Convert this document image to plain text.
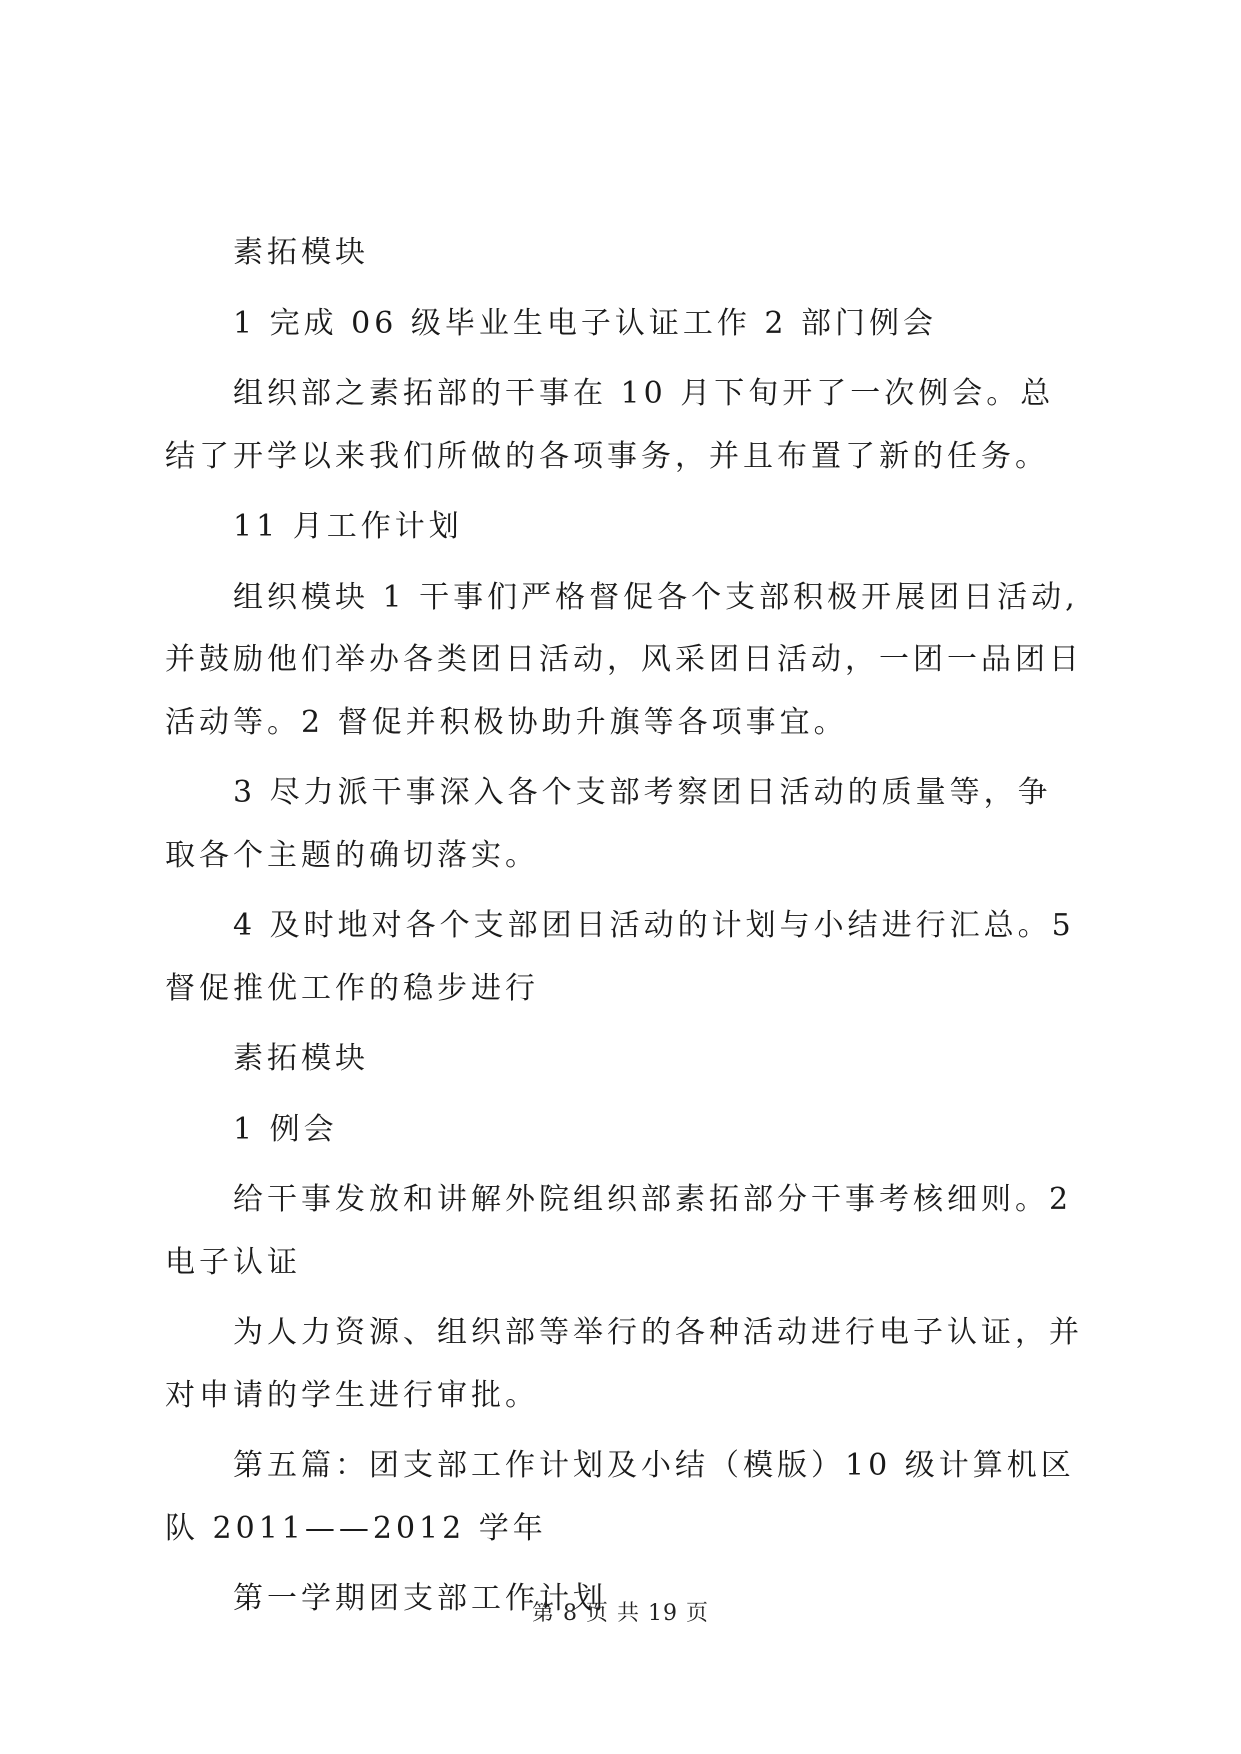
素拓模块

1 完成 06 级毕业生电子认证工作 2 部门例会

组织部之素拓部的干事在 10 月下旬开了一次例会。总结了开学以来我们所做的各项事务，并且布置了新的任务。

11 月工作计划

组织模块 1 干事们严格督促各个支部积极开展团日活动,并鼓励他们举办各类团日活动，风采团日活动，一团一品团日活动等。2 督促并积极协助升旗等各项事宜。

3 尽力派干事深入各个支部考察团日活动的质量等，争取各个主题的确切落实。

4 及时地对各个支部团日活动的计划与小结进行汇总。5 督促推优工作的稳步进行

素拓模块

1 例会

给干事发放和讲解外院组织部素拓部分干事考核细则。2 电子认证

为人力资源、组织部等举行的各种活动进行电子认证，并对申请的学生进行审批。

第五篇：团支部工作计划及小结（模版）10 级计算机区队 2011——2012 学年

第一学期团支部工作计划

第 8 页 共 19 页
